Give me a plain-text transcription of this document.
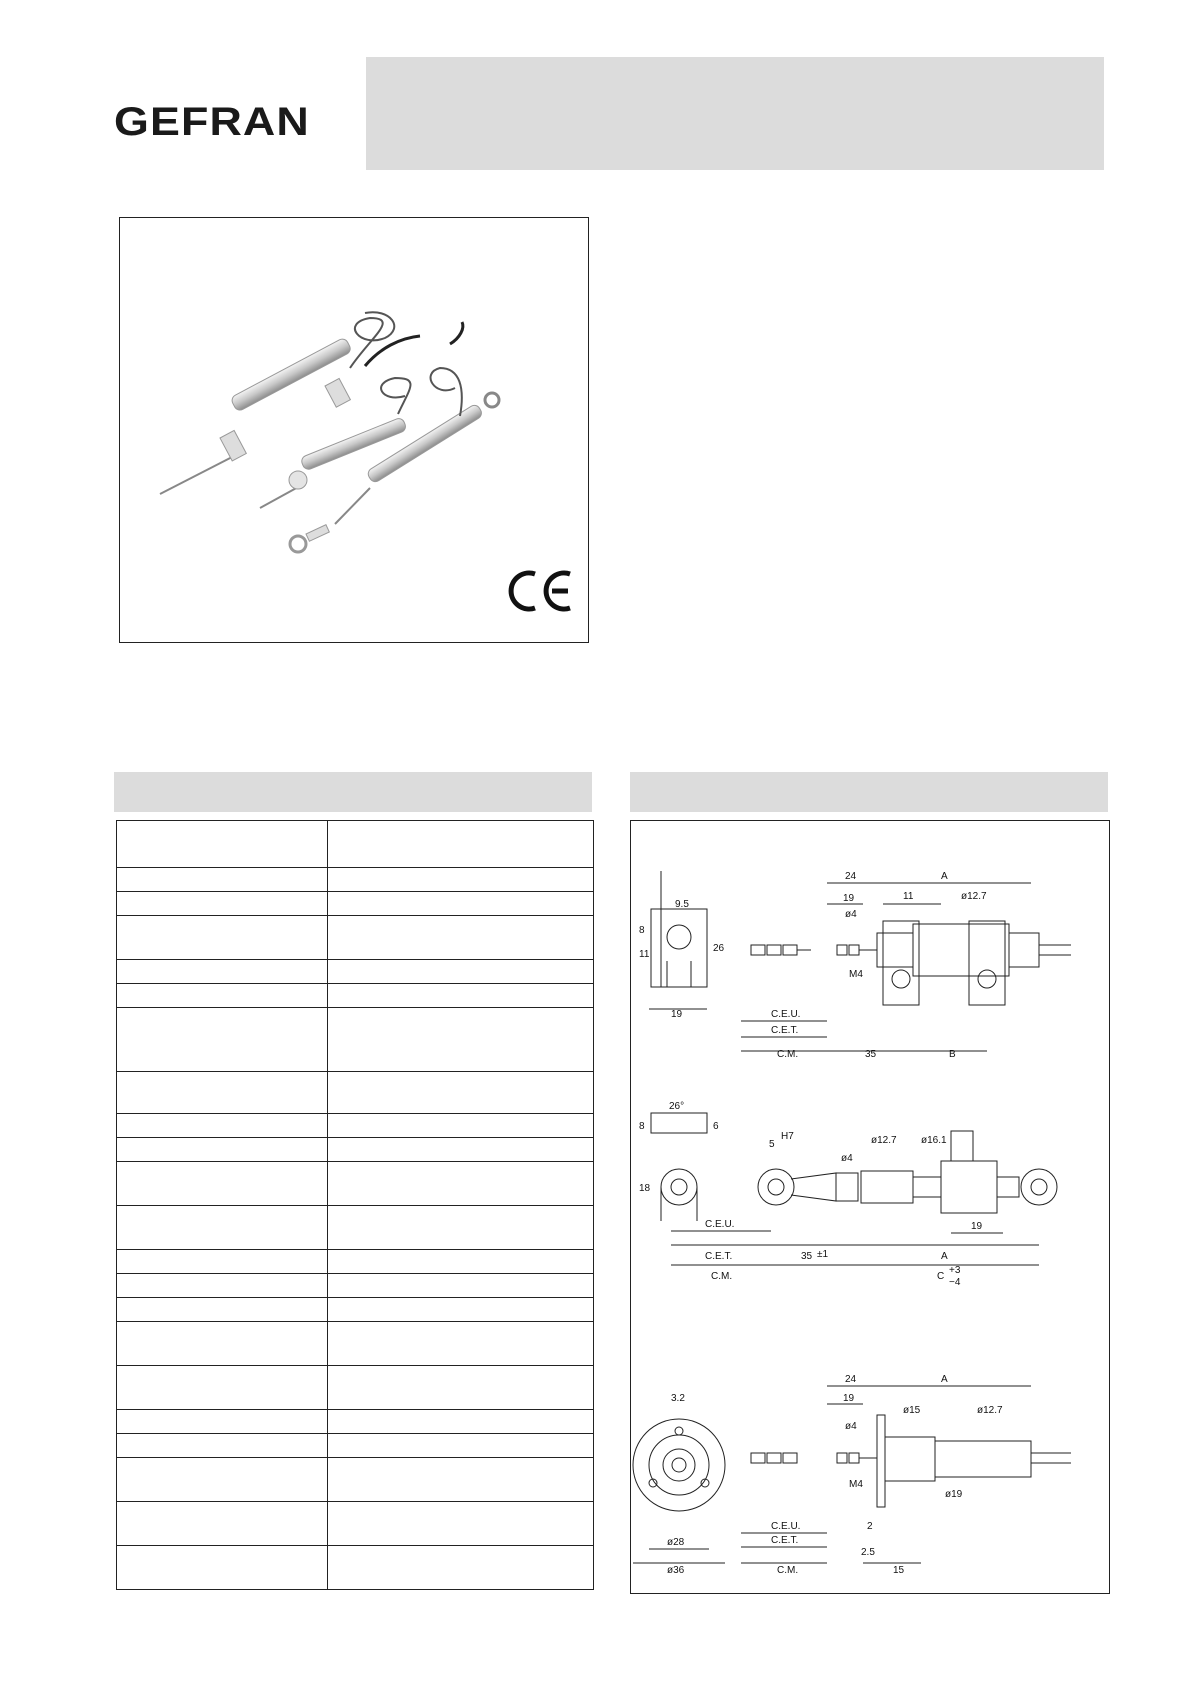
GEFRAN
24	A
9.5
19
11	ø12.7
ø4
8
11
26
M4
C.E.U.
C.E.T.
19
C.M.	35	B
26°
8	6
5
H7
ø4
ø12.7 ø16.1
18
C.E.U.
C.E.T.	35 ±1	A
19
C.M.	C
+3
−4
3.2
24	A
19
ø15	ø12.7
ø4
M4
ø19
C.E.U.
C.E.T.
2
ø28
ø36	C.M.
2.5
15
